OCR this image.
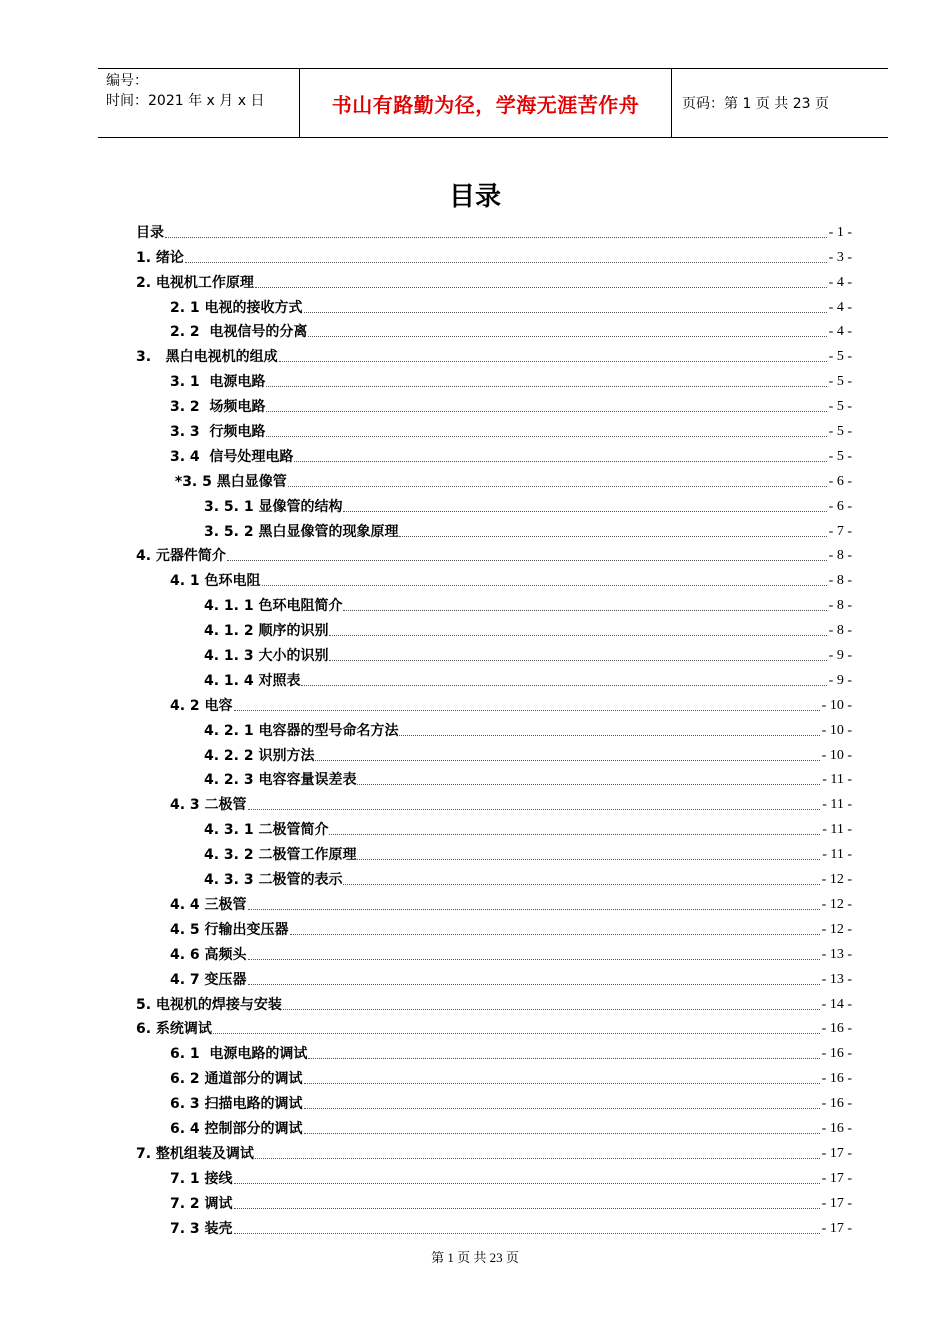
编号：
时间：2021 年 x 月 x 日	书山有路勤为径，学海无涯苦作舟	页码：第 1 页 共 23 页
目录
目录	- 1 -
1. 绪论	- 3 -
2. 电视机工作原理	- 4 -
2. 1 电视的接收方式	- 4 -
2. 2  电视信号的分离	- 4 -
3.   黑白电视机的组成	- 5 -
3. 1  电源电路	- 5 -
3. 2  场频电路	- 5 -
3. 3  行频电路	- 5 -
3. 4  信号处理电路	- 5 -
*3. 5 黑白显像管	- 6 -
3. 5. 1 显像管的结构	- 6 -
3. 5. 2 黑白显像管的现象原理	- 7 -
4. 元器件简介	- 8 -
4. 1 色环电阻	- 8 -
4. 1. 1 色环电阻简介	- 8 -
4. 1. 2 顺序的识别	- 8 -
4. 1. 3 大小的识别	- 9 -
4. 1. 4 对照表	- 9 -
4. 2 电容	- 10 -
4. 2. 1 电容器的型号命名方法	- 10 -
4. 2. 2 识别方法	- 10 -
4. 2. 3 电容容量误差表	- 11 -
4. 3 二极管	- 11 -
4. 3. 1 二极管简介	- 11 -
4. 3. 2 二极管工作原理	- 11 -
4. 3. 3 二极管的表示	- 12 -
4. 4 三极管	- 12 -
4. 5 行输出变压器	- 12 -
4. 6 高频头	- 13 -
4. 7 变压器	- 13 -
5. 电视机的焊接与安装	- 14 -
6. 系统调试	- 16 -
6. 1  电源电路的调试	- 16 -
6. 2 通道部分的调试	- 16 -
6. 3 扫描电路的调试	- 16 -
6. 4 控制部分的调试	- 16 -
7. 整机组装及调试	- 17 -
7. 1 接线	- 17 -
7. 2 调试	- 17 -
7. 3 装壳	- 17 -
第 1 页 共 23 页
